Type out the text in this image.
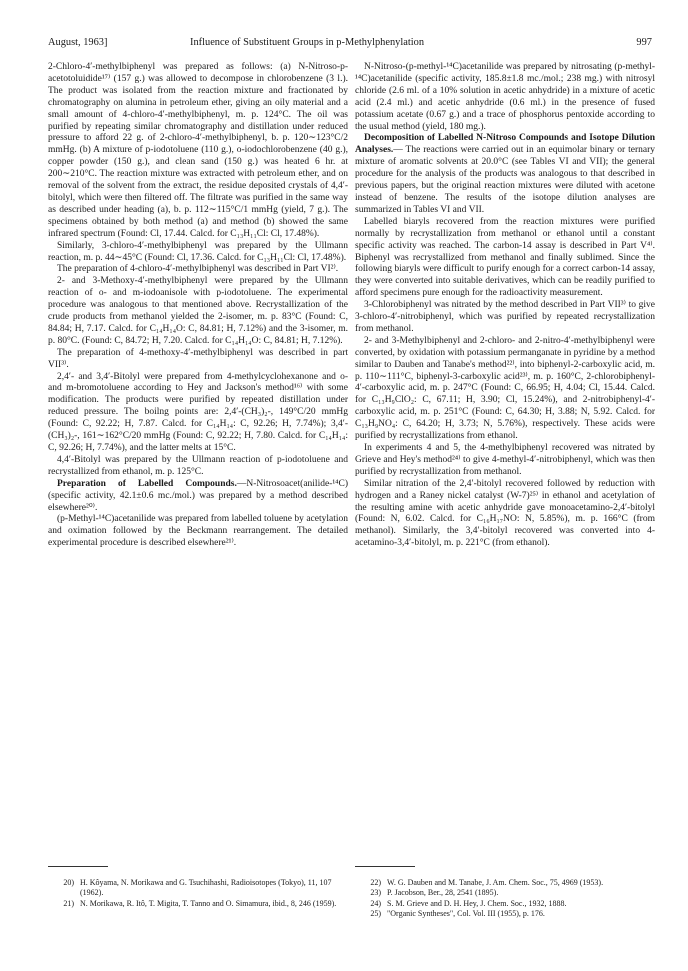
August, 1963]	Influence of Substituent Groups in p-Methylphenylation	997

2-Chloro-4′-methylbiphenyl was prepared as follows: (a) N-Nitroso-p-acetotoluidide¹⁷⁾ (157 g.) was allowed to decompose in chlorobenzene (3 l.). The product was isolated from the reaction mixture and fractionated by chromatography on alumina in petroleum ether, giving an oily material and a small amount of 4-chloro-4′-methylbiphenyl, m. p. 124°C. The oil was purified by repeating similar chromatography and distillation under reduced pressure to afford 22 g. of 2-chloro-4′-methylbiphenyl, b. p. 120∼123°C/2 mmHg. (b) A mixture of p-iodotoluene (110 g.), o-iodochlorobenzene (40 g.), copper powder (150 g.), and clean sand (150 g.) was heated 6 hr. at 200∼210°C. The reaction mixture was extracted with petroleum ether, and on removal of the solvent from the extract, the residue deposited crystals of 4,4′-bitolyl, which were then filtered off. The filtrate was purified in the same way as described under heading (a), b. p. 112∼115°C/1 mmHg (yield, 7 g.). The specimens obtained by both method (a) and method (b) showed the same infrared spectrum (Found: Cl, 17.44. Calcd. for C₁₃H₁₁Cl: Cl, 17.48%).

Similarly, 3-chloro-4′-methylbiphenyl was prepared by the Ullmann reaction, m. p. 44∼45°C (Found: Cl, 17.36. Calcd. for C₁₃H₁₁Cl: Cl, 17.48%).

The preparation of 4-chloro-4′-methylbiphenyl was described in Part VI²⁾.

2- and 3-Methoxy-4′-methylbiphenyl were prepared by the Ullmann reaction of o- and m-iodoanisole with p-iodotoluene. The experimental procedure was analogous to that mentioned above. Recrystallization of the crude products from methanol yielded the 2-isomer, m. p. 83°C (Found: C, 84.84; H, 7.17. Calcd. for C₁₄H₁₄O: C, 84.81; H, 7.12%) and the 3-isomer, m. p. 80°C. (Found: C, 84.72; H, 7.20. Calcd. for C₁₄H₁₄O: C, 84.81; H, 7.12%).

The preparation of 4-methoxy-4′-methylbiphenyl was described in part VII³⁾.

2,4′- and 3,4′-Bitolyl were prepared from 4-methylcyclohexanone and o- and m-bromotoluene according to Hey and Jackson's method¹⁶⁾ with some modification. The products were purified by repeated distillation under reduced pressure. The boilng points are: 2,4′-(CH₃)₂-, 149°C/20 mmHg (Found: C, 92.22; H, 7.87. Calcd. for C₁₄H₁₄: C, 92.26; H, 7.74%); 3,4′-(CH₃)₂-, 161∼162°C/20 mmHg (Found: C, 92.22; H, 7.80. Calcd. for C₁₄H₁₄: C, 92.26; H, 7.74%), and the latter melts at 15°C.

4,4′-Bitolyl was prepared by the Ullmann reaction of p-iodotoluene and recrystallized from ethanol, m. p. 125°C.

Preparation of Labelled Compounds.—N-Nitrosoacet(anilide-¹⁴C) (specific activity, 42.1±0.6 mc./mol.) was prepared by a method described elsewhere²⁰⁾.

(p-Methyl-¹⁴C)acetanilide was prepared from labelled toluene by acetylation and oximation followed by the Beckmann rearrangement. The detailed experimental procedure is described elsewhere²¹⁾.

N-Nitroso-(p-methyl-¹⁴C)acetanilide was prepared by nitrosating (p-methyl-¹⁴C)acetanilide (specific activity, 185.8±1.8 mc./mol.; 238 mg.) with nitrosyl chloride (2.6 ml. of a 10% solution in acetic anhydride) in a mixture of acetic acid (2.4 ml.) and acetic anhydride (0.6 ml.) in the presence of fused potassium acetate (0.67 g.) and a trace of phosphorus pentoxide according to the usual method (yield, 180 mg.).

Decomposition of Labelled N-Nitroso Compounds and Isotope Dilution Analyses.— The reactions were carried out in an equimolar binary or ternary mixture of aromatic solvents at 20.0°C (see Tables VI and VII); the general procedure for the analysis of the products was analogous to that described in previous papers, but the original reaction mixtures were diluted with acetone instead of benzene. The results of the isotope dilution analyses are summarized in Tables VI and VII.

Labelled biaryls recovered from the reaction mixtures were purified normally by recrystallization from methanol or ethanol until a constant specific activity was reached. The carbon-14 assay is described in Part V⁴⁾. Biphenyl was recrystallized from methanol and finally sublimed. Since the following biaryls were difficult to purify enough for a correct carbon-14 assay, they were converted into suitable derivatives, which can be readily purified to afford specimens pure enough for the radioactivity measurement.

3-Chlorobiphenyl was nitrated by the method described in Part VII³⁾ to give 3-chloro-4′-nitrobiphenyl, which was purified by repeated recrystallization from methanol.

2- and 3-Methylbiphenyl and 2-chloro- and 2-nitro-4′-methylbiphenyl were converted, by oxidation with potassium permanganate in pyridine by a method similar to Dauben and Tanabe's method²²⁾, into biphenyl-2-carboxylic acid, m. p. 110∼111°C, biphenyl-3-carboxylic acid²³⁾, m. p. 160°C, 2-chlorobiphenyl-4′-carboxylic acid, m. p. 247°C (Found: C, 66.95; H, 4.04; Cl, 15.44. Calcd. for C₁₃H₉ClO₂: C, 67.11; H, 3.90; Cl, 15.24%), and 2-nitrobiphenyl-4′-carboxylic acid, m. p. 251°C (Found: C, 64.30; H, 3.88; N, 5.92. Calcd. for C₁₃H₉NO₄: C, 64.20; H, 3.73; N, 5.76%), respectively. These acids were purified by recrystallizations from ethanol.

In experiments 4 and 5, the 4-methylbiphenyl recovered was nitrated by Grieve and Hey's method²⁴⁾ to give 4-methyl-4′-nitrobiphenyl, which was then purified by recrystallization from methanol.

Similar nitration of the 2,4′-bitolyl recovered followed by reduction with hydrogen and a Raney nickel catalyst (W-7)²⁵⁾ in ethanol and acetylation of the resulting amine with acetic anhydride gave monoacetamino-2,4′-bitolyl (Found: N, 6.02. Calcd. for C₁₆H₁₇NO: N, 5.85%), m. p. 166°C (from methanol). Similarly, the 3,4′-bitolyl recovered was converted into 4-acetamino-3,4′-bitolyl, m. p. 221°C (from ethanol).

20) H. Kôyama, N. Morikawa and G. Tsuchihashi, Radioisotopes (Tokyo), 11, 107 (1962).
21) N. Morikawa, R. Itô, T. Migita, T. Tanno and O. Simamura, ibid., 8, 246 (1959).
22) W. G. Dauben and M. Tanabe, J. Am. Chem. Soc., 75, 4969 (1953).
23) P. Jacobson, Ber., 28, 2541 (1895).
24) S. M. Grieve and D. H. Hey, J. Chem. Soc., 1932, 1888.
25) "Organic Syntheses", Col. Vol. III (1955), p. 176.
